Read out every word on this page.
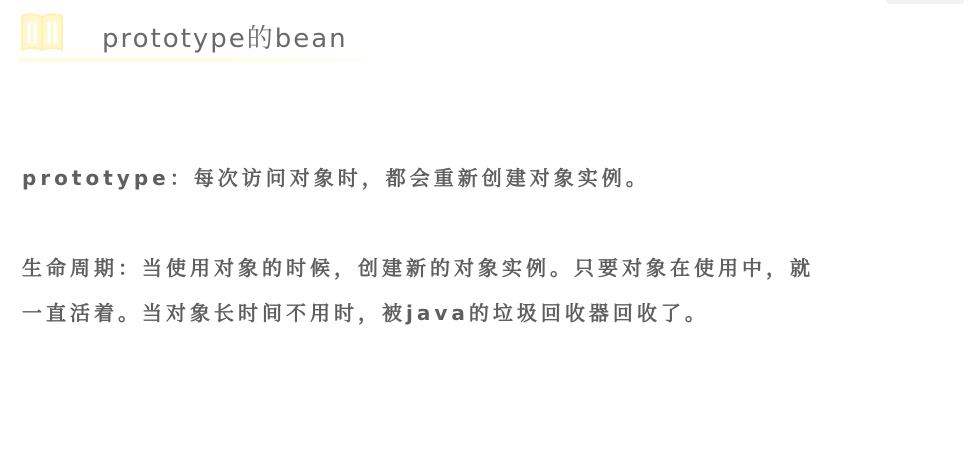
prototype的bean

prototype：每次访问对象时，都会重新创建对象实例。

生命周期：当使用对象的时候，创建新的对象实例。只要对象在使用中，就
一直活着。当对象长时间不用时，被java的垃圾回收器回收了。
